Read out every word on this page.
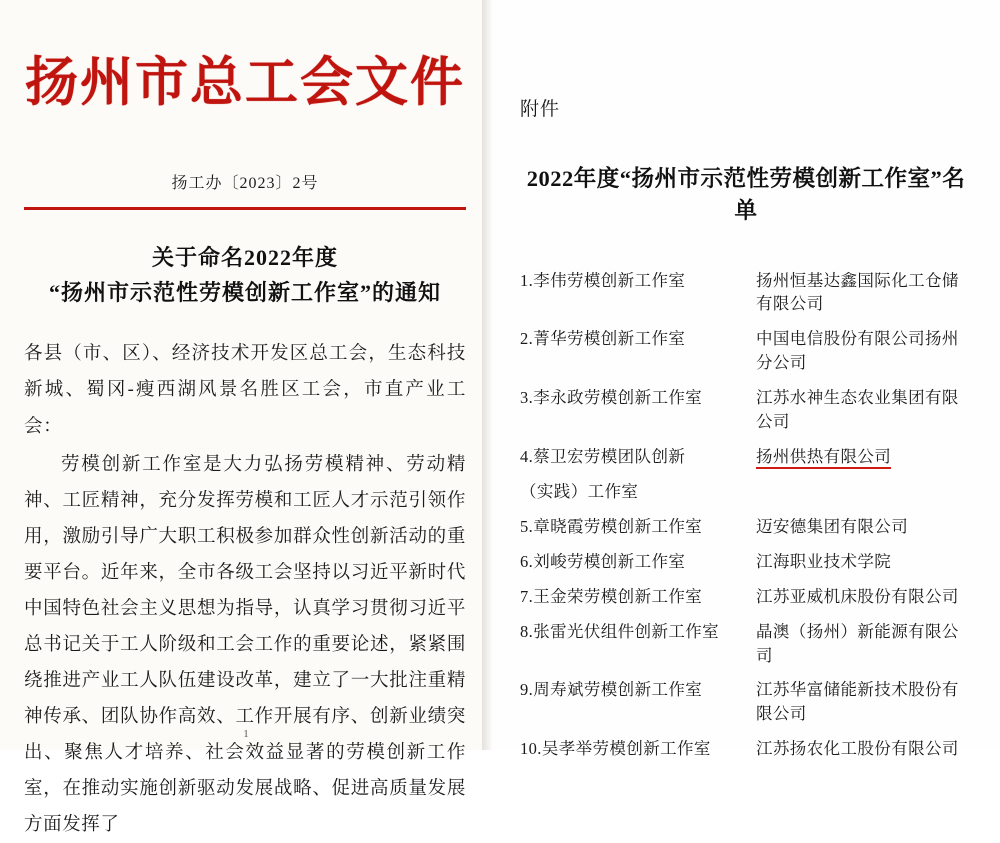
扬州市总工会文件
扬工办〔2023〕2号
关于命名2022年度
“扬州市示范性劳模创新工作室”的通知

各县（市、区）、经济技术开发区总工会，生态科技新城、蜀冈-瘦西湖风景名胜区工会，市直产业工会：

劳模创新工作室是大力弘扬劳模精神、劳动精神、工匠精神，充分发挥劳模和工匠人才示范引领作用，激励引导广大职工积极参加群众性创新活动的重要平台。近年来，全市各级工会坚持以习近平新时代中国特色社会主义思想为指导，认真学习贯彻习近平总书记关于工人阶级和工会工作的重要论述，紧紧围绕推进产业工人队伍建设改革，建立了一大批注重精神传承、团队协作高效、工作开展有序、创新业绩突出、聚焦人才培养、社会效益显著的劳模创新工作室，在推动实施创新驱动发展战略、促进高质量发展方面发挥了

1
附件
2022年度“扬州市示范性劳模创新工作室”名单
1.李伟劳模创新工作室	扬州恒基达鑫国际化工仓储有限公司
2.菁华劳模创新工作室	中国电信股份有限公司扬州分公司
3.李永政劳模创新工作室	江苏水神生态农业集团有限公司
4.蔡卫宏劳模团队创新	扬州供热有限公司
（实践）工作室	
5.章晓霞劳模创新工作室	迈安德集团有限公司
6.刘峻劳模创新工作室	江海职业技术学院
7.王金荣劳模创新工作室	江苏亚威机床股份有限公司
8.张雷光伏组件创新工作室	晶澳（扬州）新能源有限公司
9.周寿斌劳模创新工作室	江苏华富储能新技术股份有限公司
10.吴孝举劳模创新工作室	江苏扬农化工股份有限公司
